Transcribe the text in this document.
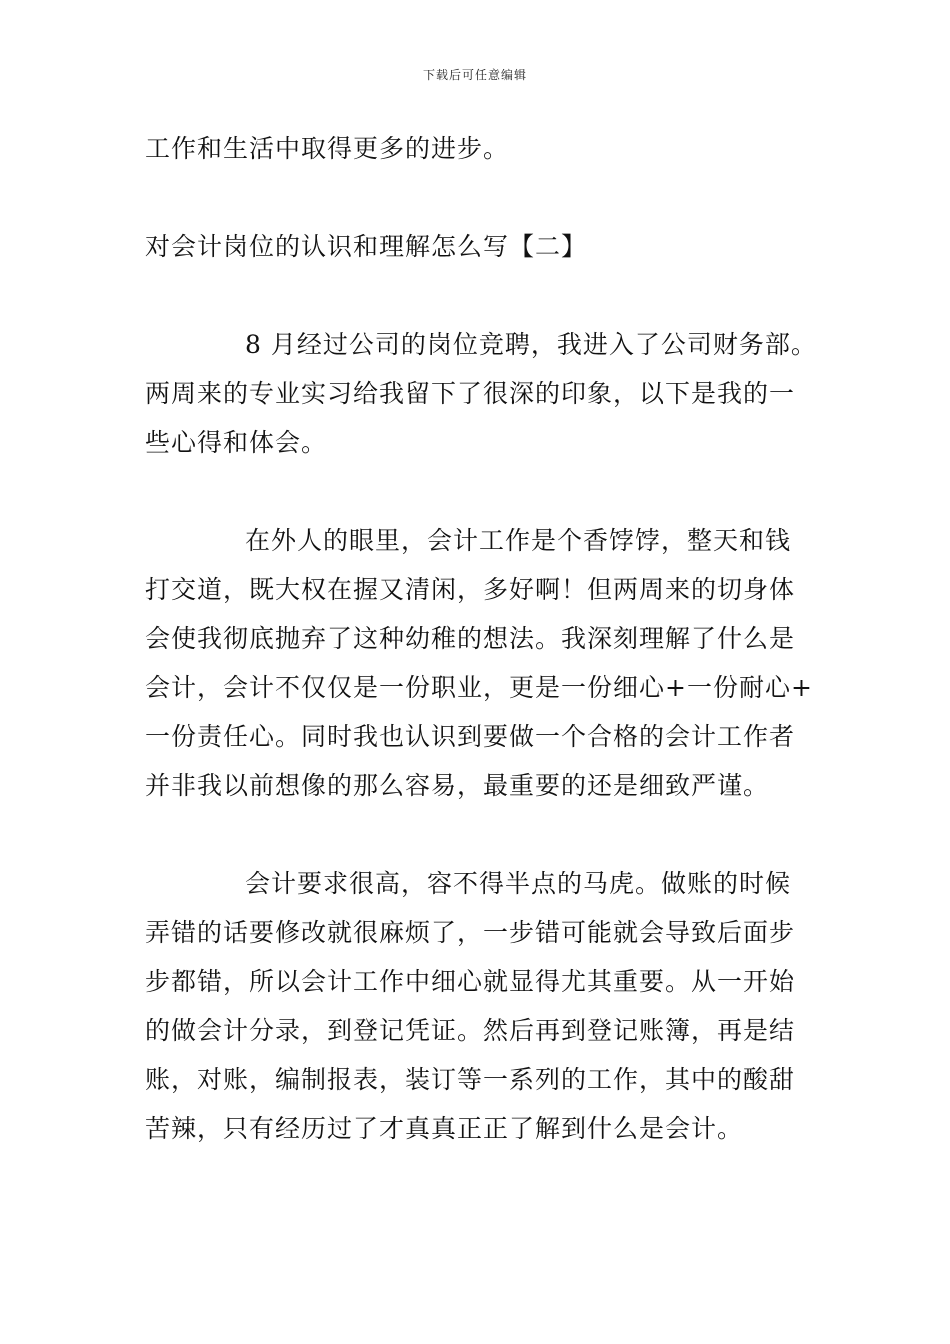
下载后可任意编辑
工作和生活中取得更多的进步。
对会计岗位的认识和理解怎么写【二】
8 月经过公司的岗位竞聘，我进入了公司财务部。
两周来的专业实习给我留下了很深的印象，以下是我的一
些心得和体会。
在外人的眼里，会计工作是个香饽饽，整天和钱
打交道，既大权在握又清闲，多好啊！但两周来的切身体
会使我彻底抛弃了这种幼稚的想法。我深刻理解了什么是
会计，会计不仅仅是一份职业，更是一份细心+一份耐心+
一份责任心。同时我也认识到要做一个合格的会计工作者
并非我以前想像的那么容易，最重要的还是细致严谨。
会计要求很高，容不得半点的马虎。做账的时候
弄错的话要修改就很麻烦了，一步错可能就会导致后面步
步都错，所以会计工作中细心就显得尤其重要。从一开始
的做会计分录，到登记凭证。然后再到登记账簿，再是结
账，对账，编制报表，装订等一系列的工作，其中的酸甜
苦辣，只有经历过了才真真正正了解到什么是会计。
